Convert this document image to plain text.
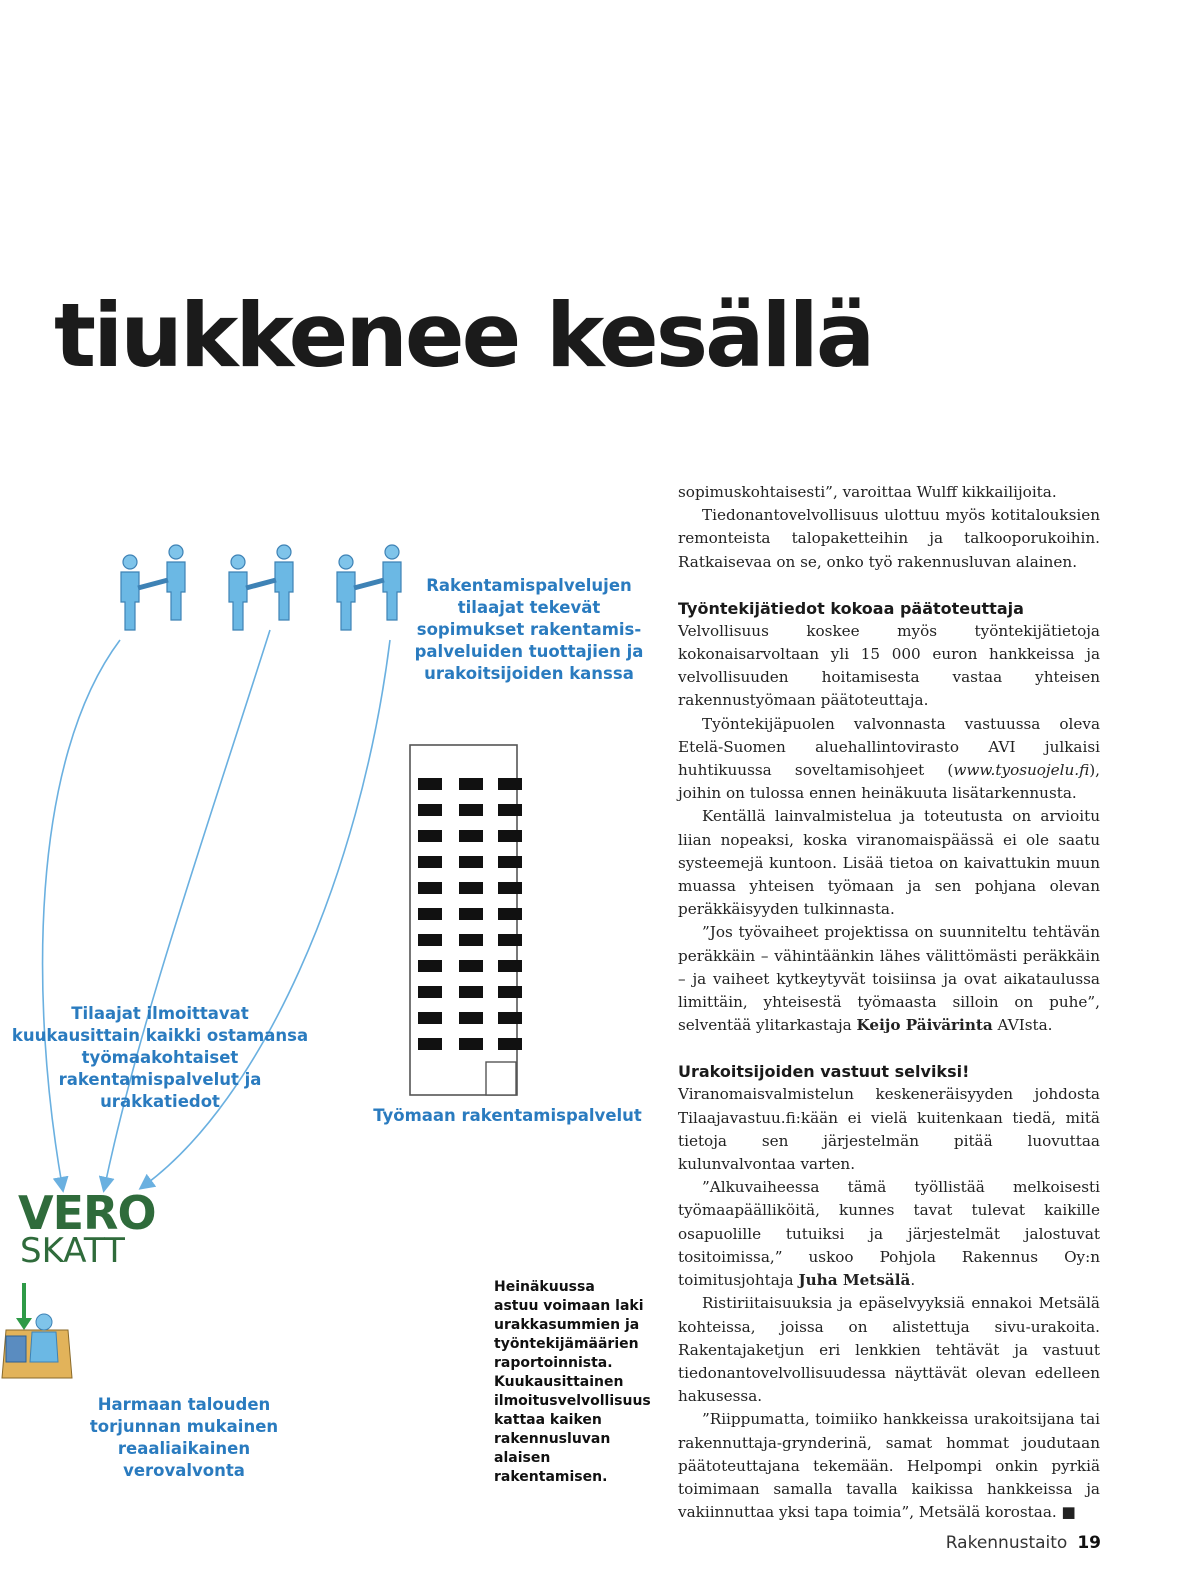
tiukkenee kesällä
VERO
SKATT

Rakentamispalvelujen tilaajat tekevät sopimukset rakentamis-palveluiden tuottajien ja urakoitsijoiden kanssa

Tilaajat ilmoittavat kuukausittain kaikki ostamansa työmaakohtaiset rakentamispalvelut ja urakkatiedot

Työmaan rakentamispalvelut

Harmaan talouden torjunnan mukainen reaaliaikainen verovalvonta

Heinäkuussa astuu voimaan laki urakkasummien ja työntekijämäärien raportoinnista. Kuukausittainen ilmoitusvelvollisuus kattaa kaiken rakennusluvan alaisen rakentamisen.

sopimuskohtaisesti”, varoittaa Wulff kikkailijoita.

Tiedonantovelvollisuus ulottuu myös kotitalouksien remonteista talopaketteihin ja talkooporukoihin. Ratkaisevaa on se, onko työ rakennusluvan alainen.

Työntekijätiedot kokoaa päätoteuttaja

Velvollisuus koskee myös työntekijätietoja kokonaisarvoltaan yli 15 000 euron hankkeissa ja velvollisuuden hoitamisesta vastaa yhteisen rakennustyömaan päätoteuttaja.

Työntekijäpuolen valvonnasta vastuussa oleva Etelä-Suomen aluehallintovirasto AVI julkaisi huhtikuussa soveltamisohjeet (www.tyosuojelu.fi), joihin on tulossa ennen heinäkuuta lisätarkennusta.

Kentällä lainvalmistelua ja toteutusta on arvioitu liian nopeaksi, koska viranomaispäässä ei ole saatu systeemejä kuntoon. Lisää tietoa on kaivattukin muun muassa yhteisen työmaan ja sen pohjana olevan peräkkäisyyden tulkinnasta.

”Jos työvaiheet projektissa on suunniteltu tehtävän peräkkäin – vähintäänkin lähes välittömästi peräkkäin – ja vaiheet kytkeytyvät toisiinsa ja ovat aikataulussa limittäin, yhteisestä työmaasta silloin on puhe”, selventää ylitarkastaja Keijo Päivärinta AVIsta.

Urakoitsijoiden vastuut selviksi!

Viranomaisvalmistelun keskeneräisyyden johdosta Tilaajavastuu.fi:kään ei vielä kuitenkaan tiedä, mitä tietoja sen järjestelmän pitää luovuttaa kulunvalvontaa varten.

”Alkuvaiheessa tämä työllistää melkoisesti työmaapäälliköitä, kunnes tavat tulevat kaikille osapuolille tutuiksi ja järjestelmät jalostuvat tositoimissa,” uskoo Pohjola Rakennus Oy:n toimitusjohtaja Juha Metsälä.

Ristiriitaisuuksia ja epäselvyyksiä ennakoi Metsälä kohteissa, joissa on alistettuja sivu-urakoita. Rakentajaketjun eri lenkkien tehtävät ja vastuut tiedonantovelvollisuudessa näyttävät olevan edelleen hakusessa.

”Riippumatta, toimiiko hankkeissa urakoitsijana tai rakennuttaja-grynderinä, samat hommat joudutaan päätoteuttajana tekemään. Helpompi onkin pyrkiä toimimaan samalla tavalla kaikissa hankkeissa ja vakiinnuttaa yksi tapa toimia”, Metsälä korostaa. ■

Rakennustaito 19
